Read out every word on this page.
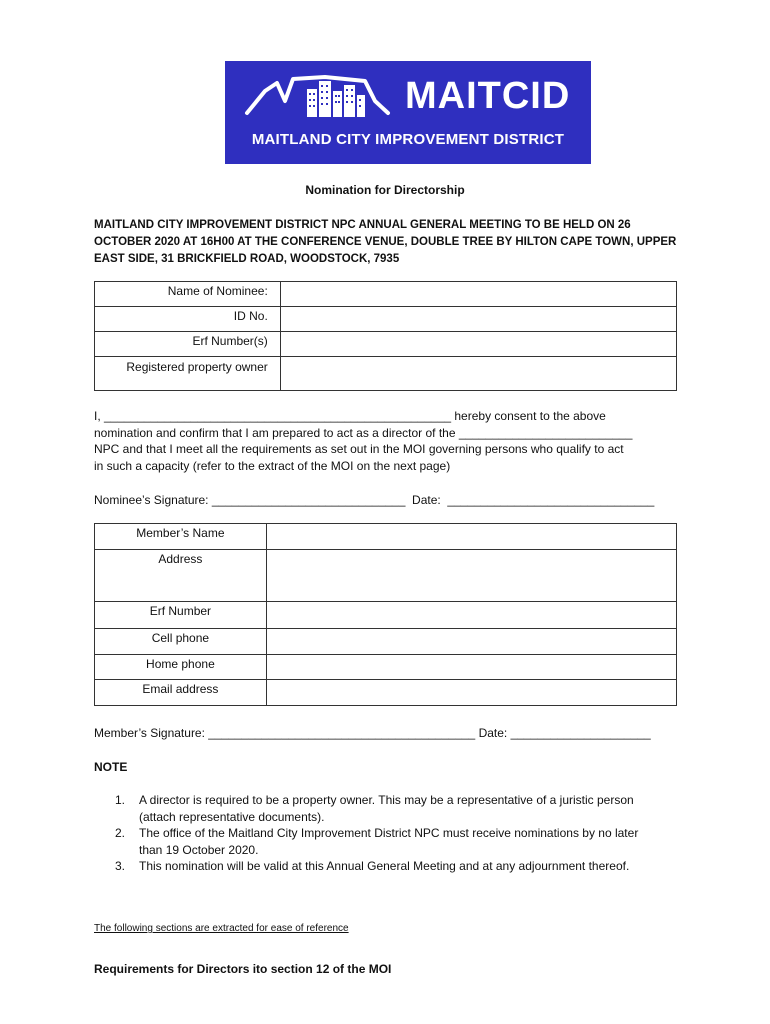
MAITCID
MAITLAND CITY IMPROVEMENT DISTRICT
Nomination for Directorship
MAITLAND CITY IMPROVEMENT DISTRICT NPC ANNUAL GENERAL MEETING TO BE HELD ON 26 OCTOBER 2020 AT 16H00 AT THE CONFERENCE VENUE, DOUBLE TREE BY HILTON CAPE TOWN, UPPER EAST SIDE, 31 BRICKFIELD ROAD, WOODSTOCK, 7935
Name of Nominee:	
ID No.	
Erf Number(s)	
Registered property owner	
I, ____________________________________________________ hereby consent to the above
nomination and confirm that I am prepared to act as a director of the __________________________
NPC and that I meet all the requirements as set out in the MOI governing persons who qualify to act
in such a capacity (refer to the extract of the MOI on the next page)
Nominee’s Signature: _____________________________  Date:  _______________________________
Member’s Name	
Address	
Erf Number	
Cell phone	
Home phone	
Email address	
Member’s Signature: ________________________________________ Date: _____________________
NOTE
1. A director is required to be a property owner. This may be a representative of a juristic person (attach representative documents).
2. The office of the Maitland City Improvement District NPC must receive nominations by no later than 19 October 2020.
3. This nomination will be valid at this Annual General Meeting and at any adjournment thereof.
The following sections are extracted for ease of reference
Requirements for Directors ito section 12 of the MOI
